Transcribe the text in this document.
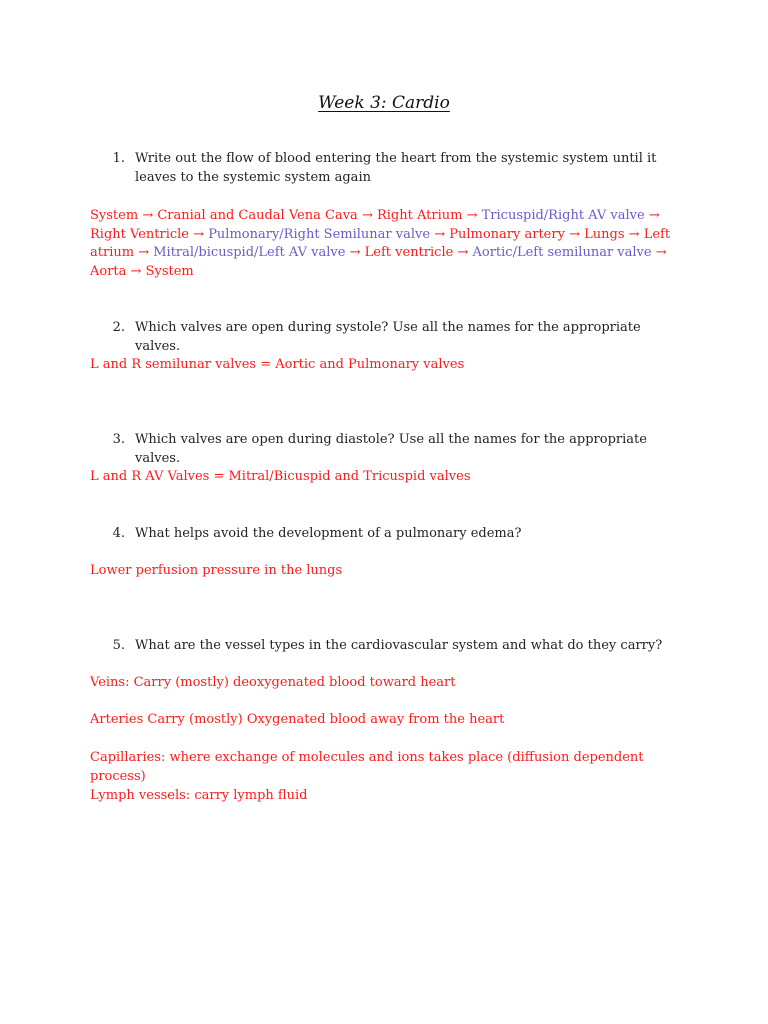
Week 3: Cardio
1. Write out the flow of blood entering the heart from the systemic system until it leaves to the systemic system again

System → Cranial and Caudal Vena Cava → Right Atrium → Tricuspid/Right AV valve → Right Ventricle → Pulmonary/Right Semilunar valve → Pulmonary artery → Lungs → Left atrium → Mitral/bicuspid/Left AV valve → Left ventricle → Aortic/Left semilunar valve → Aorta → System

2. Which valves are open during systole? Use all the names for the appropriate valves.

L and R semilunar valves = Aortic and Pulmonary valves

3. Which valves are open during diastole? Use all the names for the appropriate valves.

L and R AV Valves = Mitral/Bicuspid and Tricuspid valves

4. What helps avoid the development of a pulmonary edema?

Lower perfusion pressure in the lungs

5. What are the vessel types in the cardiovascular system and what do they carry?

Veins: Carry (mostly) deoxygenated blood toward heart

Arteries Carry (mostly) Oxygenated blood away from the heart

Capillaries: where exchange of molecules and ions takes place (diffusion dependent process)

Lymph vessels: carry lymph fluid
